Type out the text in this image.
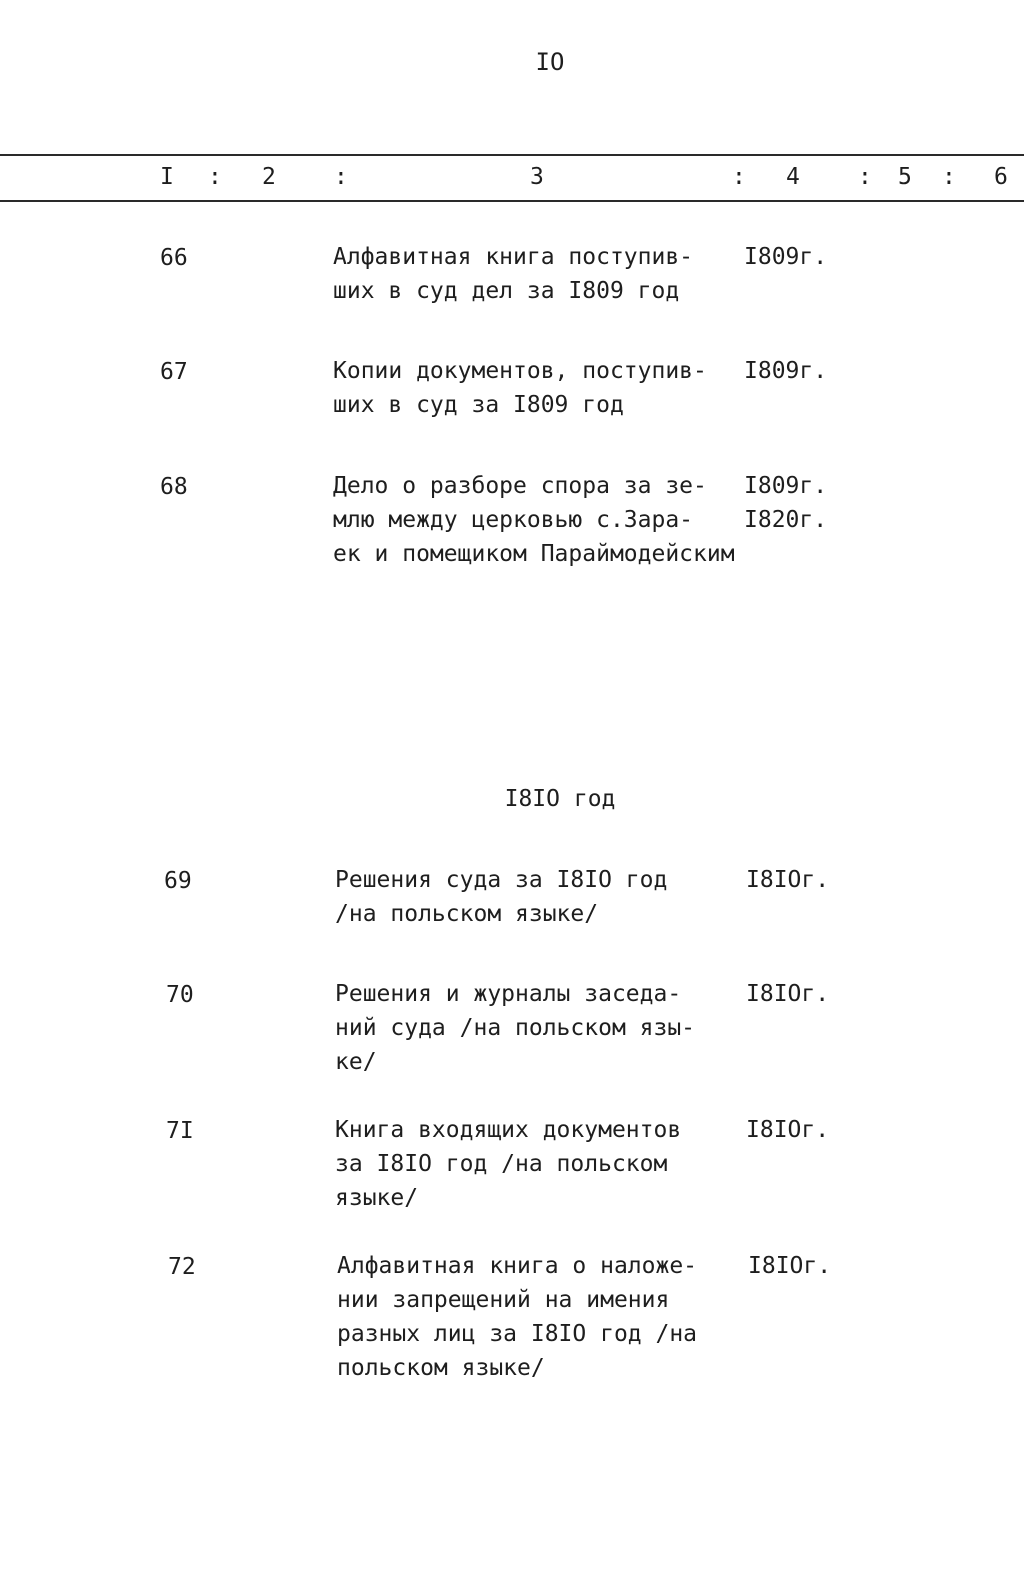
IO
I : 2	:	3	: 4	: 5 : 6
66	Алфавитная книга поступив-
ших в суд дел за I809 год
I809г.
67	Копии документов, поступив-
ших в суд за I809 год
I809г.
68	Дело о разборе спора за зе-
млю между церковью с.Зара-
ек и помещиком Параймодейским
I809г.
I820г.
I8IO год
69	Решения суда за I8IO год
/на польском языке/
I8IOг.
70	Решения и журналы заседа-
ний суда /на польском язы-
ке/
I8IOг.
7I	Книга входящих документов
за I8IO год /на польском
языке/
I8IOг.
72	Алфавитная книга о наложе-
нии запрещений на имения
разных лиц за I8IO год /на
польском языке/
I8IOг.
